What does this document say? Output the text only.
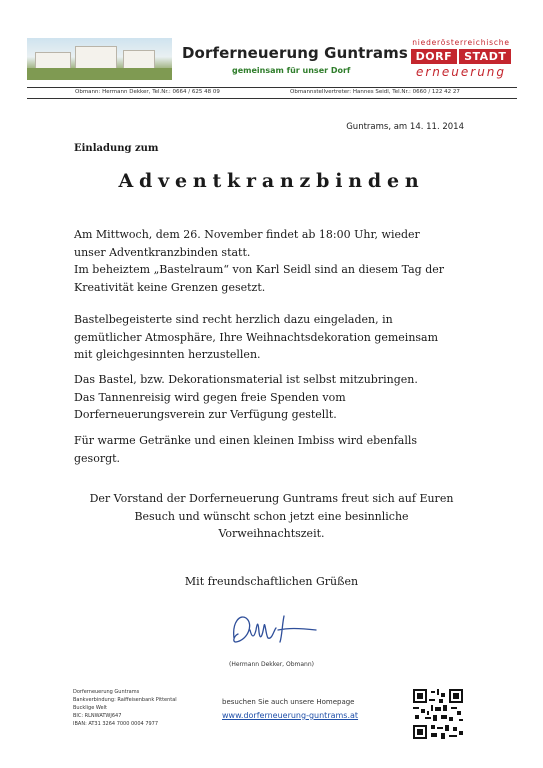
Dorferneuerung Guntrams
gemeinsam für unser Dorf
niederösterreichische
DORF	STADT
erneuerung
Obmann: Hermann Dekker, Tel.Nr.: 0664 / 625 48 09	Obmannstellvertreter: Hannes Seidl, Tel.Nr.: 0660 / 122 42 27
Guntrams, am 14. 11. 2014
Einladung zum
Adventkranzbinden
Am Mittwoch, dem 26. November findet ab 18:00 Uhr, wieder
unser Adventkranzbinden statt.
Im beheiztem „Bastelraum“ von Karl Seidl sind an diesem Tag der
Kreativität keine Grenzen gesetzt.
Bastelbegeisterte sind recht herzlich dazu eingeladen, in
gemütlicher Atmosphäre, Ihre Weihnachtsdekoration gemeinsam
mit gleichgesinnten herzustellen.
Das Bastel, bzw. Dekorationsmaterial ist selbst mitzubringen.
Das Tannenreisig wird gegen freie Spenden vom
Dorferneuerungsverein zur Verfügung gestellt.
Für warme Getränke und einen kleinen Imbiss wird ebenfalls
gesorgt.
Der Vorstand der Dorferneuerung Guntrams freut sich auf Euren
Besuch und wünscht schon jetzt eine besinnliche
Vorweihnachtszeit.
Mit freundschaftlichen Grüßen
(Hermann Dekker, Obmann)
Dorferneuerung Guntrams
Bankverbindung: Raiffeisenbank Pittental
Bucklige Welt
BIC: RLNWATWJ647
IBAN: AT31 3264 7000 0004 7977
besuchen Sie auch unsere Homepage
www.dorferneuerung-guntrams.at
